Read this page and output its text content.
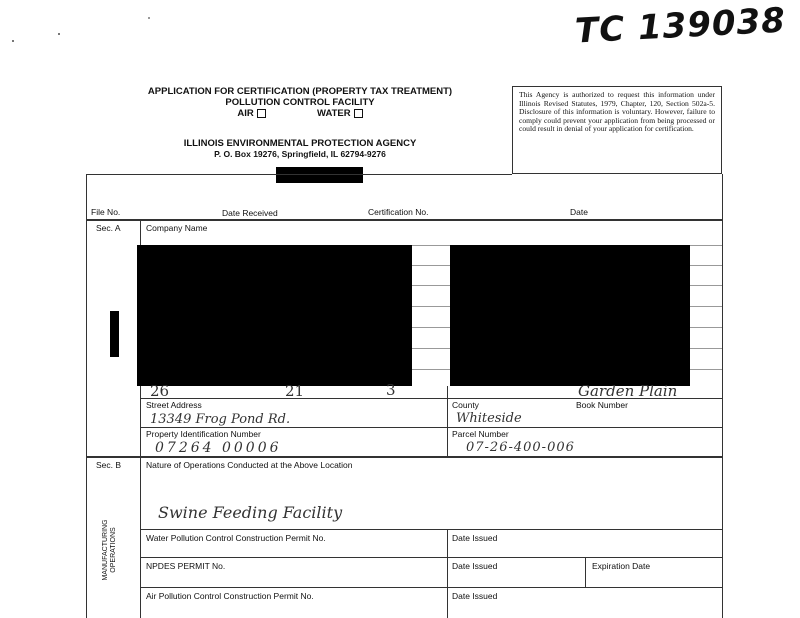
TC 139038
APPLICATION FOR CERTIFICATION (PROPERTY TAX TREATMENT)
POLLUTION CONTROL FACILITY
AIR	WATER
ILLINOIS ENVIRONMENTAL PROTECTION AGENCY
P. O. Box 19276, Springfield, IL 62794-9276
This Agency is authorized to request this information under Illinois Revised Statutes, 1979, Chapter, 120, Section 502a-5. Disclosure of this information is voluntary. However, failure to comply could prevent your application from being processed or could result in denial of your application for certification.
File No.	Date Received	Certification No.	Date
Sec. A	Company Name
26	21	3	Garden Plain
Street Address	County	Book Number
13349 Frog Pond Rd.	Whiteside
Property Identification Number	Parcel Number
07264 00006	07-26-400-006
Sec. B	Nature of Operations Conducted at the Above Location
Swine Feeding Facility
MANUFACTURING OPERATIONS	Water Pollution Control Construction Permit No.	Date Issued
NPDES PERMIT No.	Date Issued	Expiration Date
Air Pollution Control Construction Permit No.	Date Issued
